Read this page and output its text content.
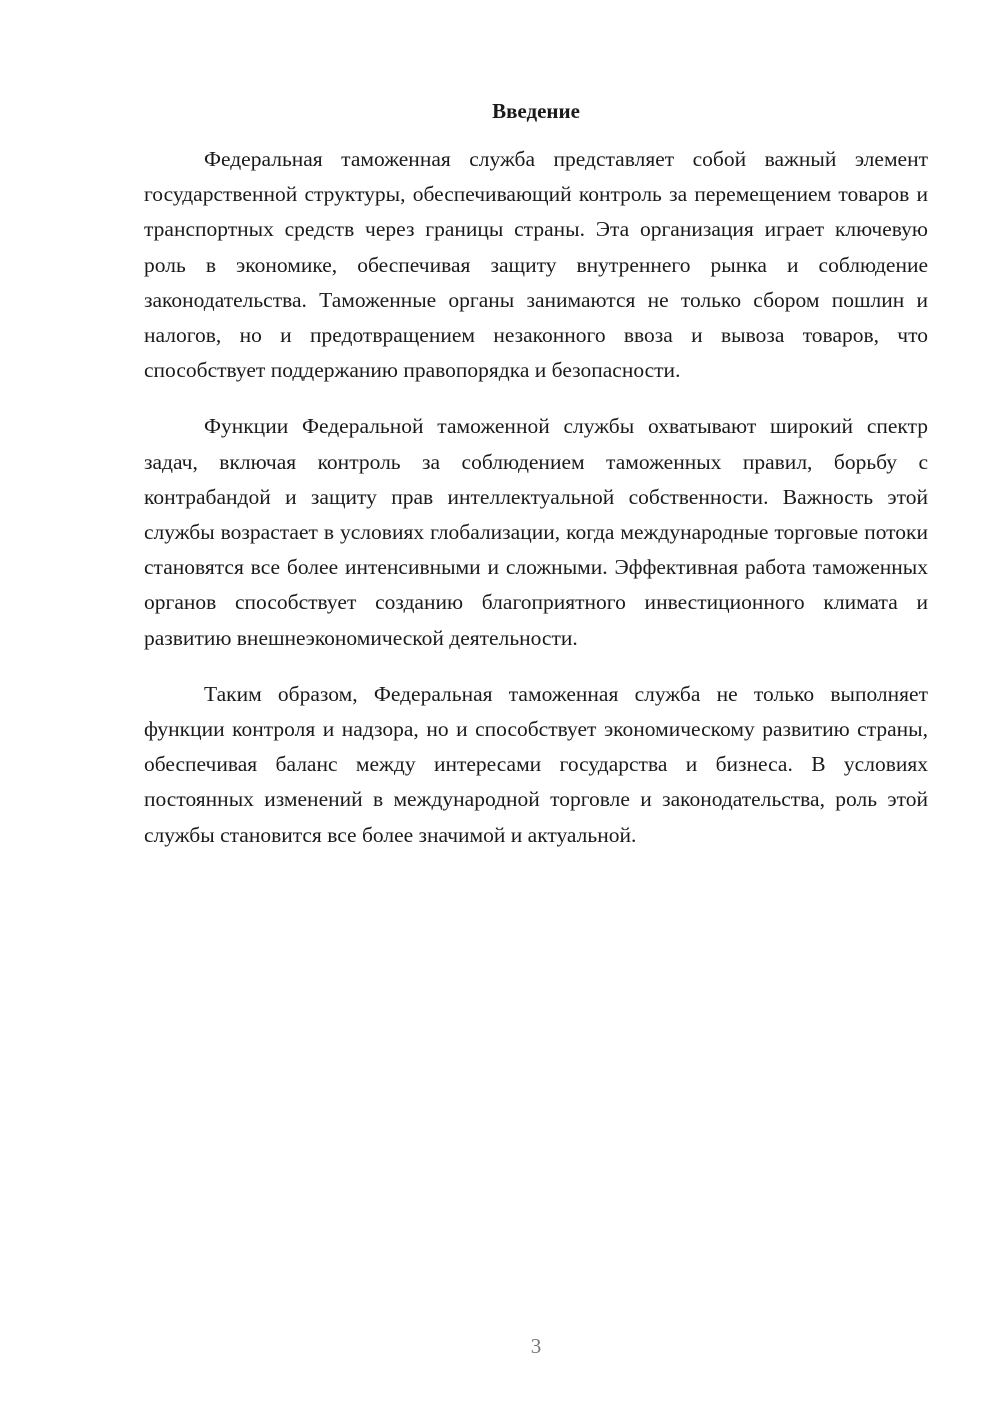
Введение

Федеральная таможенная служба представляет собой важный элемент государственной структуры, обеспечивающий контроль за перемещением товаров и транспортных средств через границы страны. Эта организация играет ключевую роль в экономике, обеспечивая защиту внутреннего рынка и соблюдение законодательства. Таможенные органы занимаются не только сбором пошлин и налогов, но и предотвращением незаконного ввоза и вывоза товаров, что способствует поддержанию правопорядка и безопасности.

Функции Федеральной таможенной службы охватывают широкий спектр задач, включая контроль за соблюдением таможенных правил, борьбу с контрабандой и защиту прав интеллектуальной собственности. Важность этой службы возрастает в условиях глобализации, когда международные торговые потоки становятся все более интенсивными и сложными. Эффективная работа таможенных органов способствует созданию благоприятного инвестиционного климата и развитию внешнеэкономической деятельности.

Таким образом, Федеральная таможенная служба не только выполняет функции контроля и надзора, но и способствует экономическому развитию страны, обеспечивая баланс между интересами государства и бизнеса. В условиях постоянных изменений в международной торговле и законодательства, роль этой службы становится все более значимой и актуальной.

3
